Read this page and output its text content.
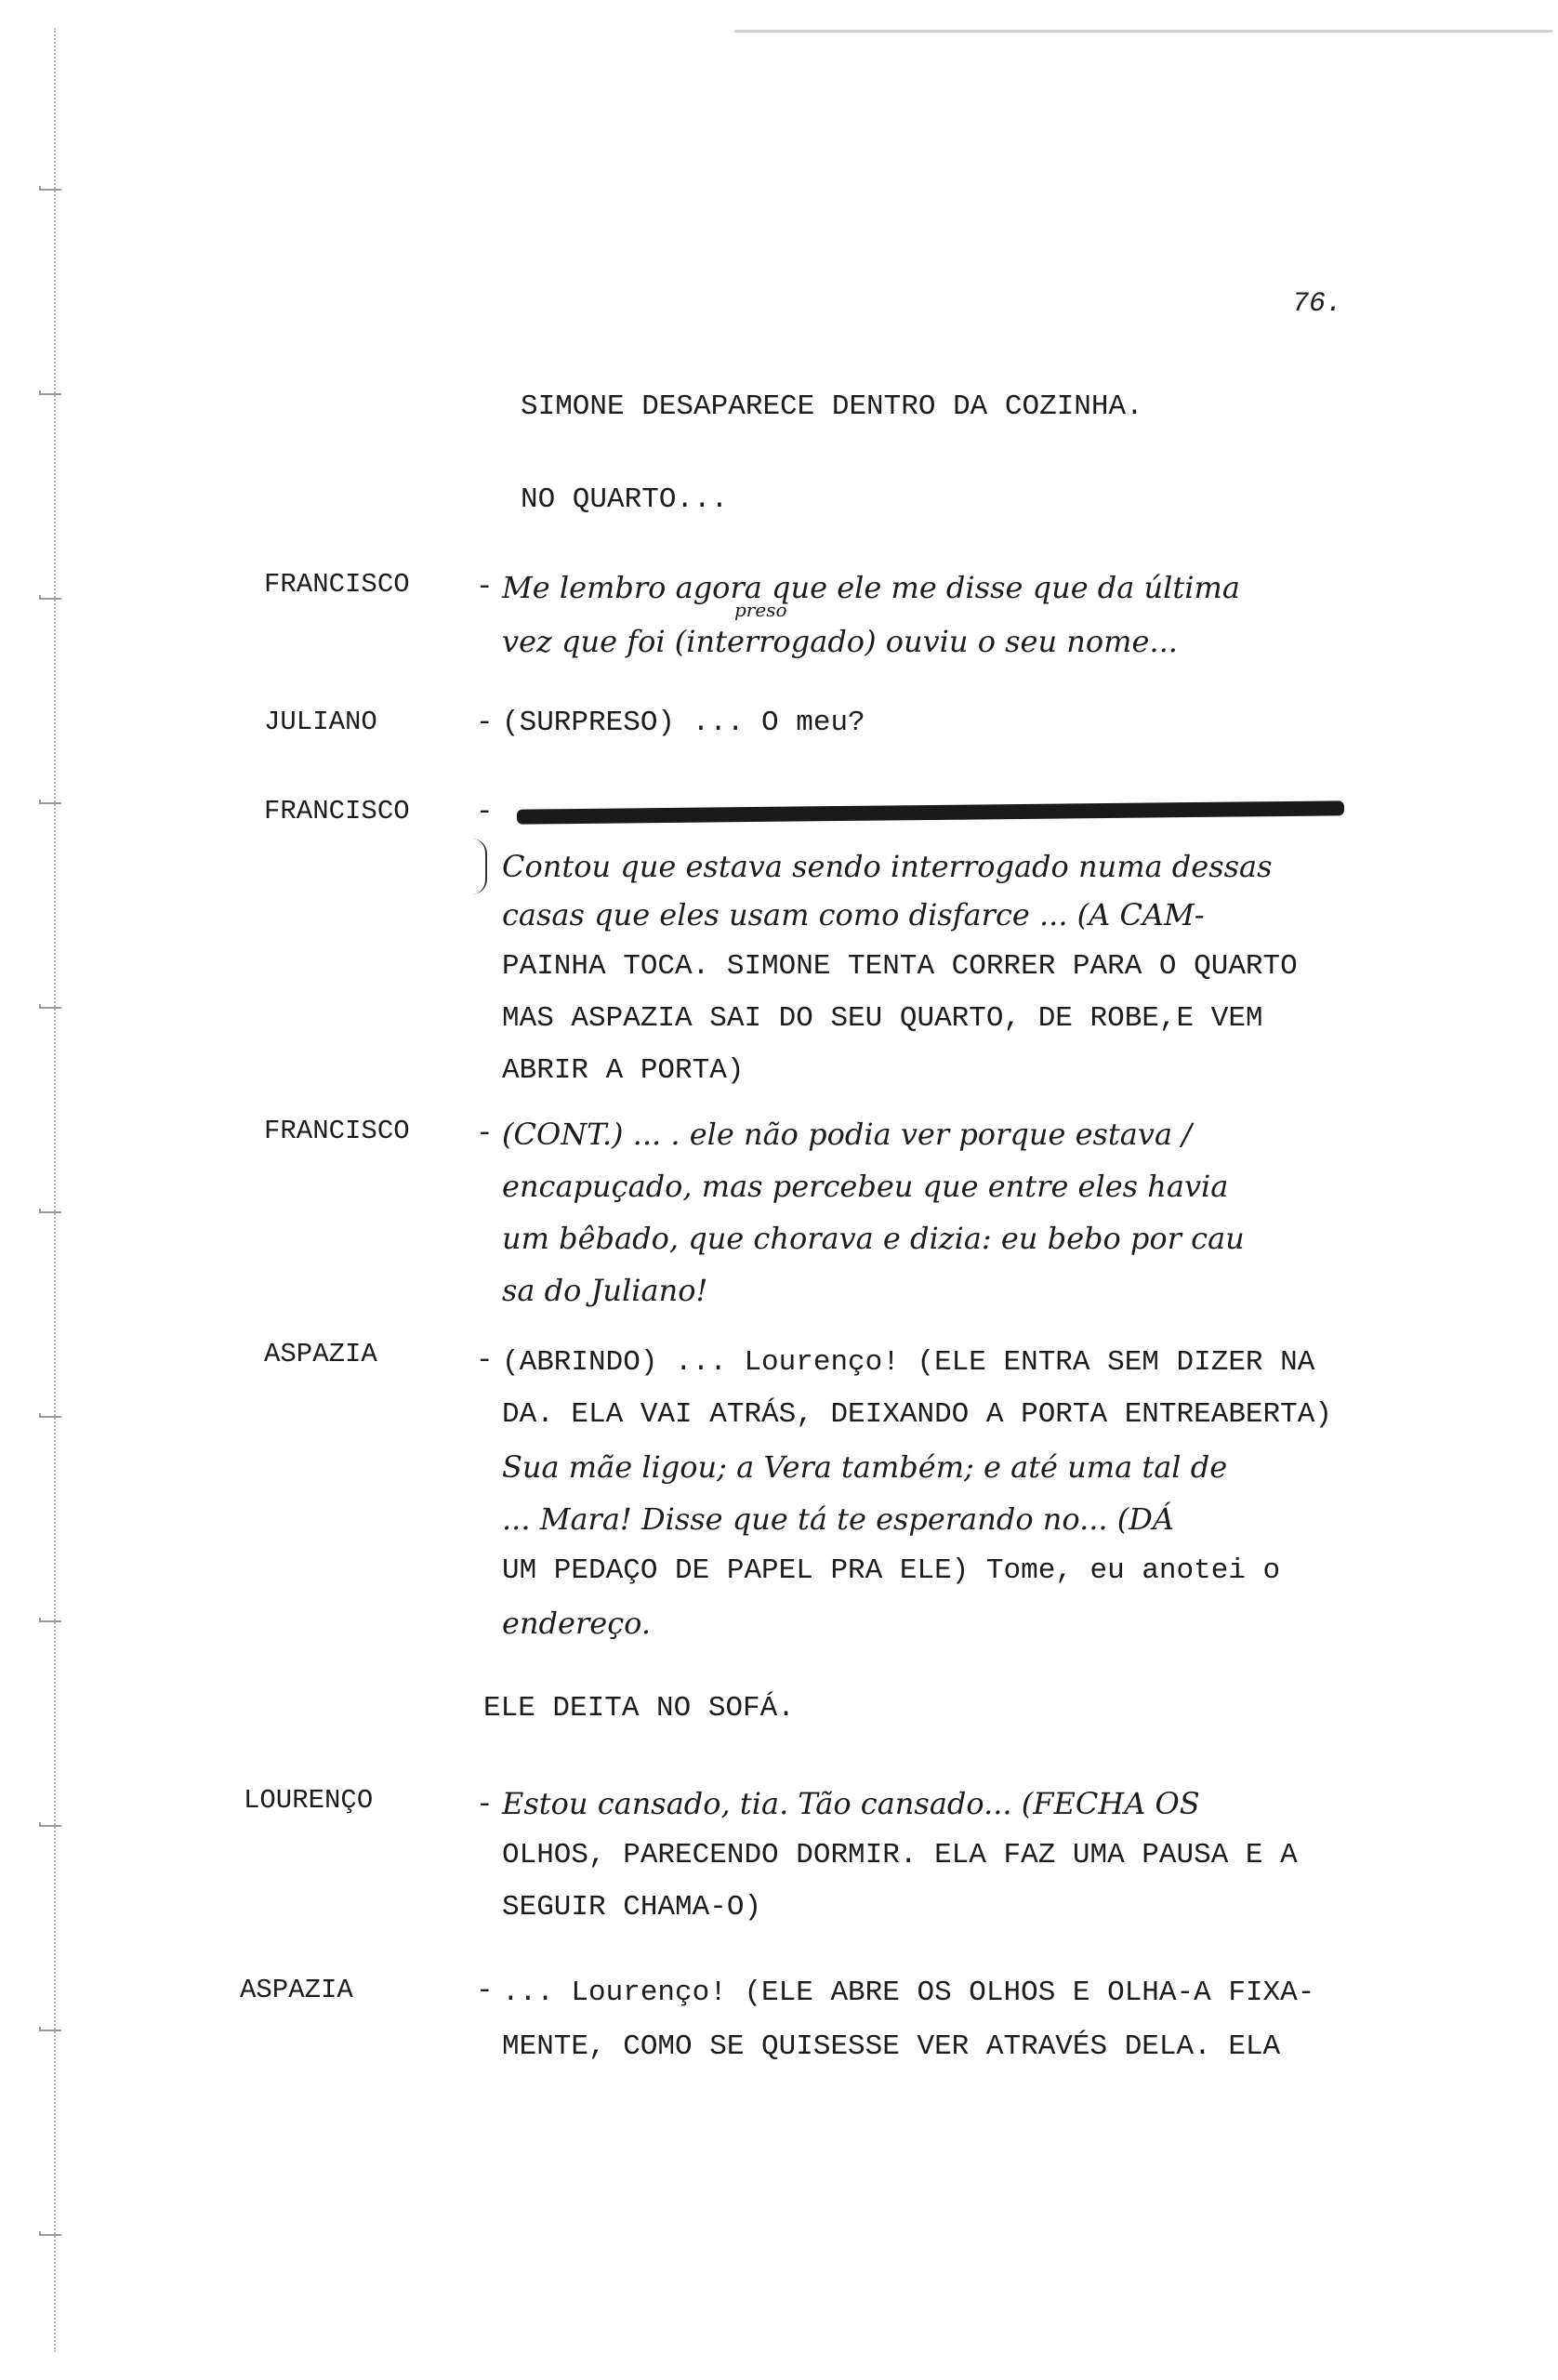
76.
SIMONE DESAPARECE DENTRO DA COZINHA.
NO QUARTO...
FRANCISCO	- Me lembro agora que ele me disse que da última
vez que foi (interrogado) ouviu o seu nome...
preso
JULIANO	- (SURPRESO) ... O meu?
FRANCISCO	-
Contou que estava sendo interrogado numa dessas
casas que eles usam como disfarce ... (A CAM-
PAINHA TOCA. SIMONE TENTA CORRER PARA O QUARTO
MAS ASPAZIA SAI DO SEU QUARTO, DE ROBE,E VEM
ABRIR A PORTA)
FRANCISCO	- (CONT.) ... . ele não podia ver porque estava /
encapuçado, mas percebeu que entre eles havia
um bêbado, que chorava e dizia: eu bebo por cau
sa do Juliano!
ASPAZIA	- (ABRINDO) ... Lourenço! (ELE ENTRA SEM DIZER NA
DA. ELA VAI ATRÁS, DEIXANDO A PORTA ENTREABERTA)
Sua mãe ligou; a Vera também; e até uma tal de
... Mara! Disse que tá te esperando no... (DÁ
UM PEDAÇO DE PAPEL PRA ELE) Tome, eu anotei o
endereço.
ELE DEITA NO SOFÁ.
LOURENÇO	- Estou cansado, tia. Tão cansado... (FECHA OS
OLHOS, PARECENDO DORMIR. ELA FAZ UMA PAUSA E A
SEGUIR CHAMA-O)
ASPAZIA	- ... Lourenço! (ELE ABRE OS OLHOS E OLHA-A FIXA-
MENTE, COMO SE QUISESSE VER ATRAVÉS DELA. ELA
